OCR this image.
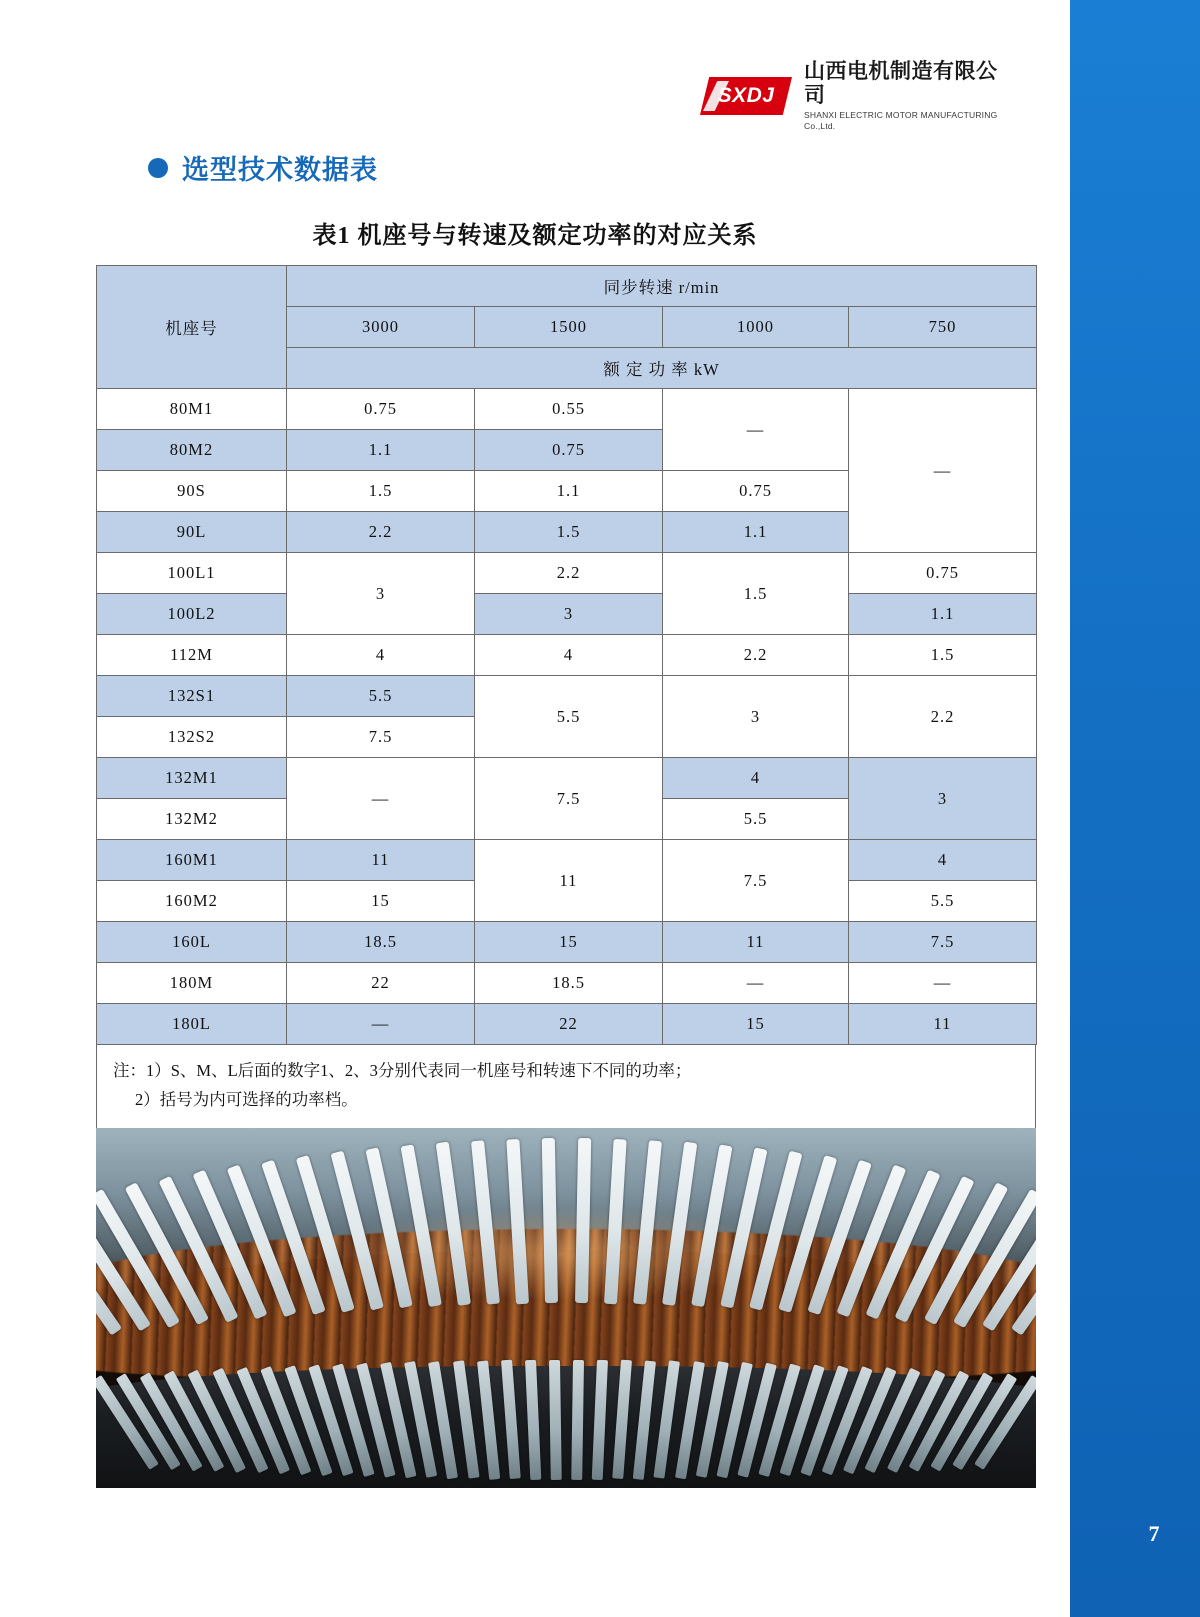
7
SXDJ
山西电机制造有限公司
SHANXI ELECTRIC MOTOR MANUFACTURING Co.,Ltd.
选型技术数据表
表1 机座号与转速及额定功率的对应关系
机座号	同步转速 r/min			
	3000	1500	1000	750
	额 定 功 率 kW			
80M1	0.75	0.55	—	—
80M2	1.1	0.75		
90S	1.5	1.1	0.75	
90L	2.2	1.5	1.1	
100L1	3	2.2	1.5	0.75
100L2		3		1.1
112M	4	4	2.2	1.5
132S1	5.5	5.5	3	2.2
132S2	7.5			
132M1	—	7.5	4	3
132M2			5.5	
160M1	11	11	7.5	4
160M2	15			5.5
160L	18.5	15	11	7.5
180M	22	18.5	—	—
180L	—	22	15	11
注：1）S、M、L后面的数字1、2、3分别代表同一机座号和转速下不同的功率；
2）括号为内可选择的功率档。
